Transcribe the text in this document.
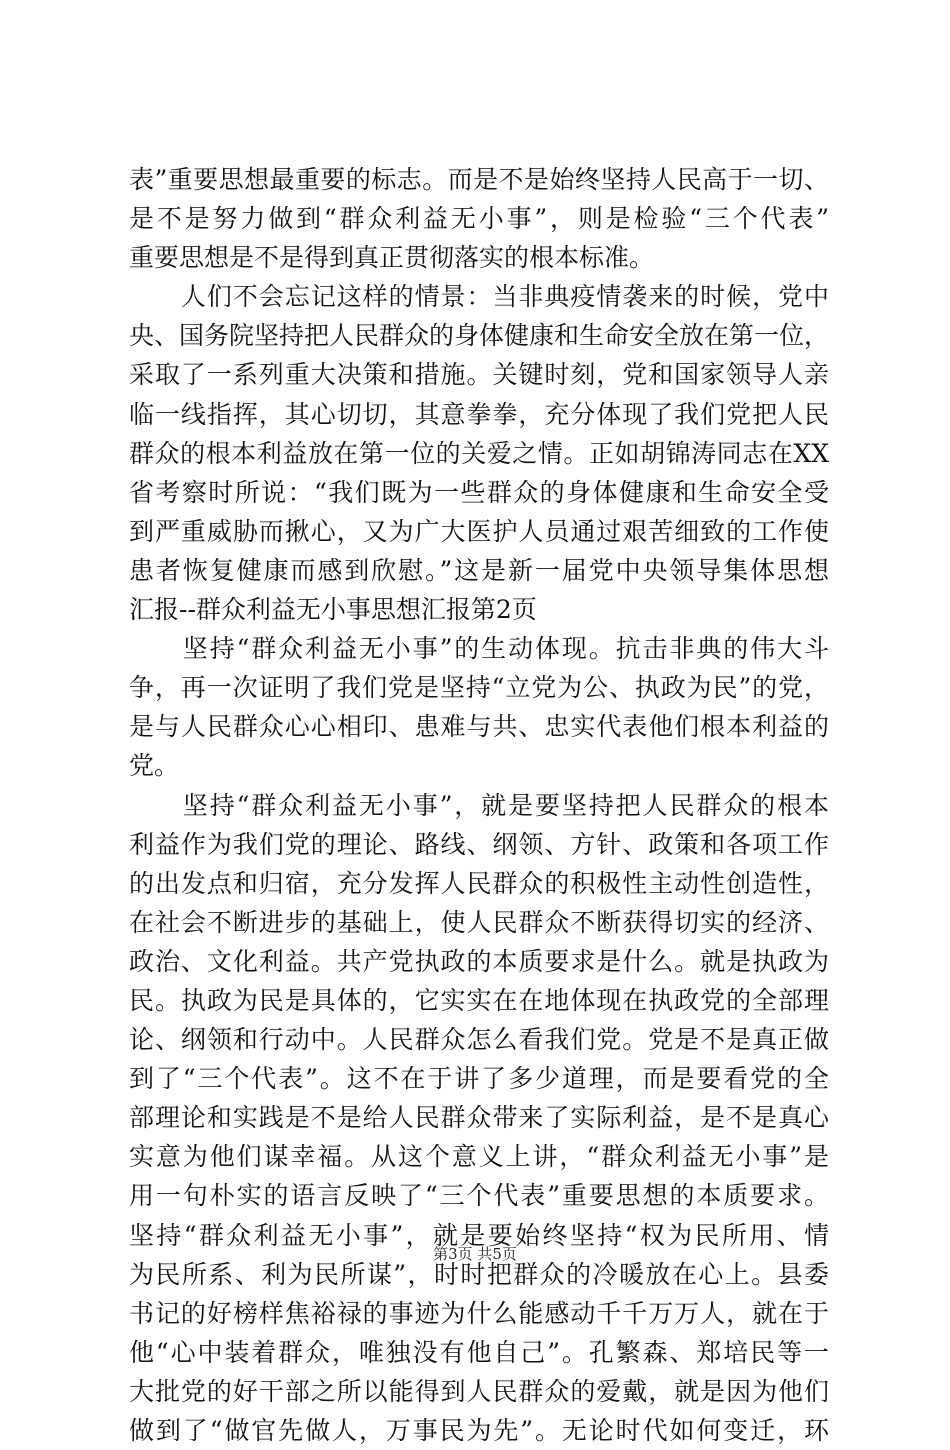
表”重要思想最重要的标志。而是不是始终坚持人民高于一切、
是不是努力做到“群众利益无小事”，则是检验“三个代表”
重要思想是不是得到真正贯彻落实的根本标准。
　　人们不会忘记这样的情景：当非典疫情袭来的时候，党中
央、国务院坚持把人民群众的身体健康和生命安全放在第一位，
采取了一系列重大决策和措施。关键时刻，党和国家领导人亲
临一线指挥，其心切切，其意拳拳，充分体现了我们党把人民
群众的根本利益放在第一位的关爱之情。正如胡锦涛同志在XX
省考察时所说：“我们既为一些群众的身体健康和生命安全受
到严重威胁而揪心，又为广大医护人员通过艰苦细致的工作使
患者恢复健康而感到欣慰。”这是新一届党中央领导集体思想
汇报--群众利益无小事思想汇报第2页
　　坚持“群众利益无小事”的生动体现。抗击非典的伟大斗
争，再一次证明了我们党是坚持“立党为公、执政为民”的党，
是与人民群众心心相印、患难与共、忠实代表他们根本利益的
党。
　　坚持“群众利益无小事”，就是要坚持把人民群众的根本
利益作为我们党的理论、路线、纲领、方针、政策和各项工作
的出发点和归宿，充分发挥人民群众的积极性主动性创造性，
在社会不断进步的基础上，使人民群众不断获得切实的经济、
政治、文化利益。共产党执政的本质要求是什么。就是执政为
民。执政为民是具体的，它实实在在地体现在执政党的全部理
论、纲领和行动中。人民群众怎么看我们党。党是不是真正做
到了“三个代表”。这不在于讲了多少道理，而是要看党的全
部理论和实践是不是给人民群众带来了实际利益，是不是真心
实意为他们谋幸福。从这个意义上讲，“群众利益无小事”是
用一句朴实的语言反映了“三个代表”重要思想的本质要求。
坚持“群众利益无小事”，就是要始终坚持“权为民所用、情
为民所系、利为民所谋”，时时把群众的冷暖放在心上。县委
书记的好榜样焦裕禄的事迹为什么能感动千千万万人，就在于
他“心中装着群众，唯独没有他自己”。孔繁森、郑培民等一
大批党的好干部之所以能得到人民群众的爱戴，就是因为他们
做到了“做官先做人，万事民为先”。无论时代如何变迁，环
第3页 共5页
